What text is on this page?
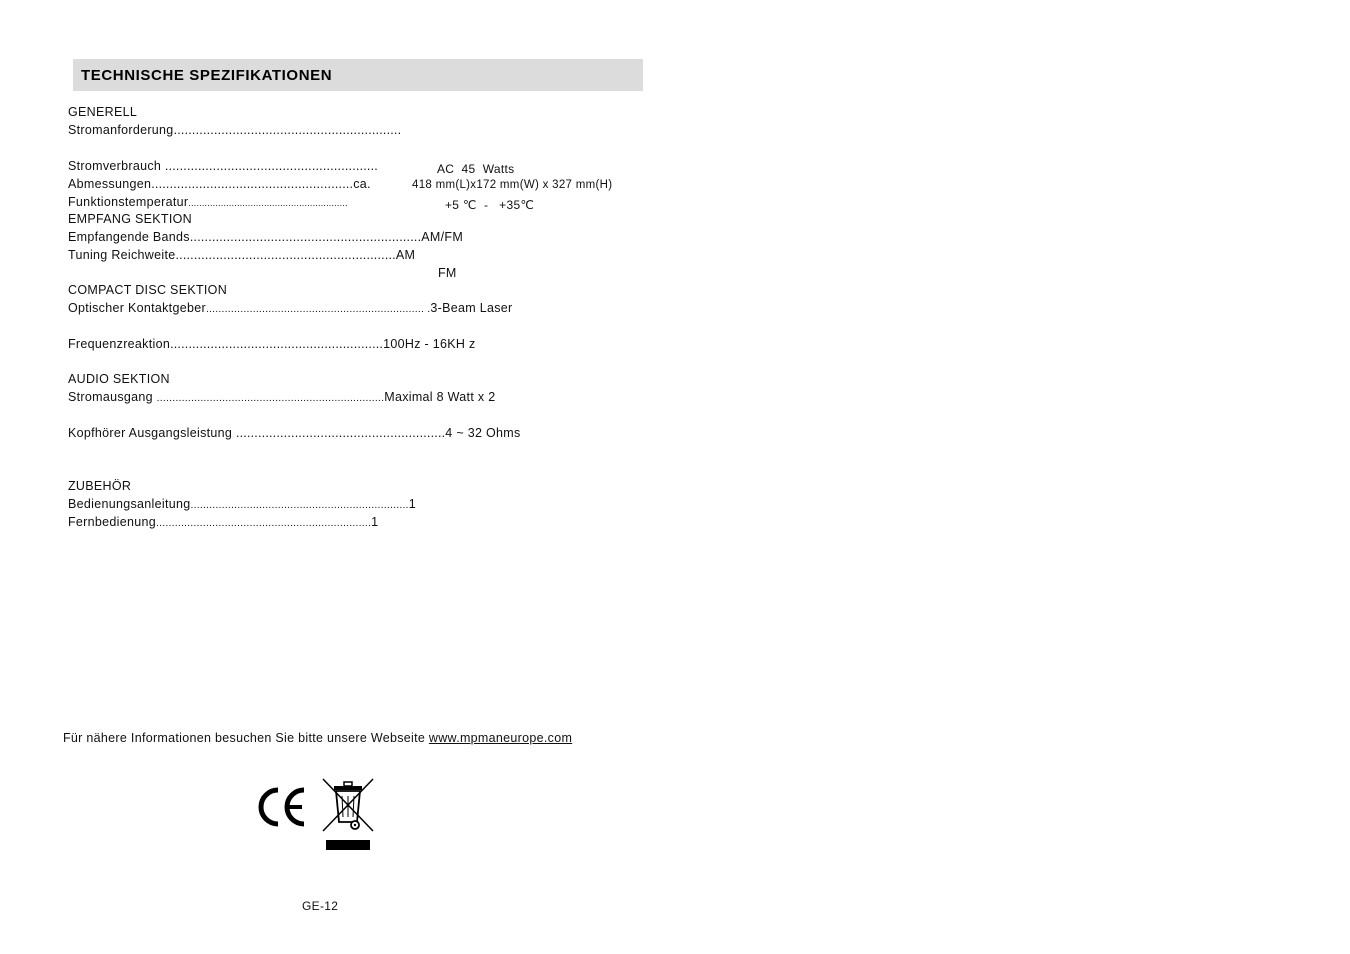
TECHNISCHE SPEZIFIKATIONEN
GENERELL
Stromanforderung..............................................................
Stromverbrauch ..........................................................	AC  45  Watts
Abmessungen.......................................................ca.	418 mm(L)x172 mm(W) x 327 mm(H)
Funktionstemperatur...........................................................	+5 ℃  -   +35℃
EMPFANG SEKTION
Empfangende Bands...............................................................AM/FM
Tuning Reichweite............................................................AM
FM
COMPACT DISC SEKTION
Optischer Kontaktgeber...................................................................... .3-Beam Laser
Frequenzreaktion..........................................................100Hz - 16KH z
AUDIO SEKTION
Stromausgang .........................................................................Maximal 8 Watt x 2
Kopfhörer Ausgangsleistung .........................................................4 ~ 32 Ohms
ZUBEHÖR
Bedienungsanleitung......................................................................1
Fernbedienung.....................................................................1
Für nähere Informationen besuchen Sie bitte unsere Webseite www.mpmaneurope.com
GE-12
